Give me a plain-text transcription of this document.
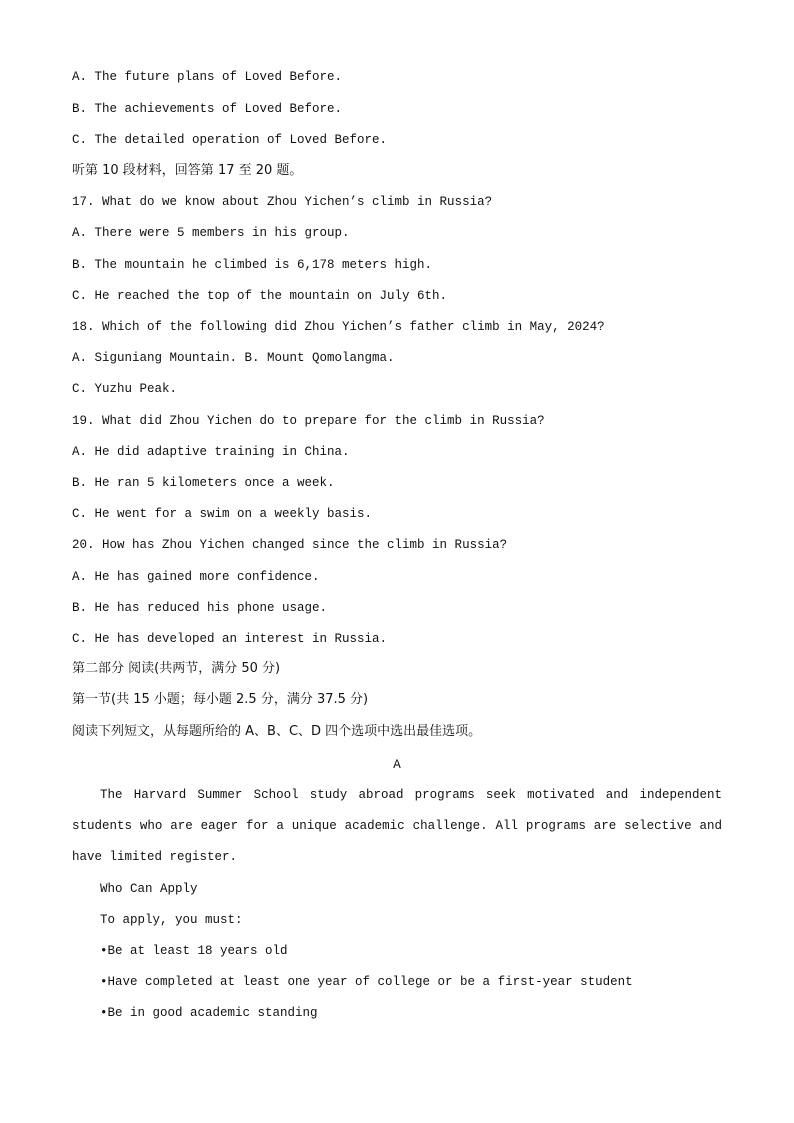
A. The future plans of Loved Before.
B. The achievements of Loved Before.
C. The detailed operation of Loved Before.
听第 10 段材料，回答第 17 至 20 题。
17. What do we know about Zhou Yichen’s climb in Russia?
A. There were 5 members in his group.
B. The mountain he climbed is 6,178 meters high.
C. He reached the top of the mountain on July 6th.
18. Which of the following did Zhou Yichen’s father climb in May, 2024?
A. Siguniang Mountain. B. Mount Qomolangma.
C. Yuzhu Peak.
19. What did Zhou Yichen do to prepare for the climb in Russia?
A. He did adaptive training in China.
B. He ran 5 kilometers once a week.
C. He went for a swim on a weekly basis.
20. How has Zhou Yichen changed since the climb in Russia?
A. He has gained more confidence.
B. He has reduced his phone usage.
C. He has developed an interest in Russia.
第二部分 阅读(共两节，满分 50 分)
第一节(共 15 小题；每小题 2.5 分，满分 37.5 分)
阅读下列短文，从每题所给的 A、B、C、D 四个选项中选出最佳选项。
A
The Harvard Summer School study abroad programs seek motivated and independent students who are eager for a unique academic challenge. All programs are selective and have limited register.
Who Can Apply
To apply, you must:
•Be at least 18 years old
•Have completed at least one year of college or be a first-year student
•Be in good academic standing
